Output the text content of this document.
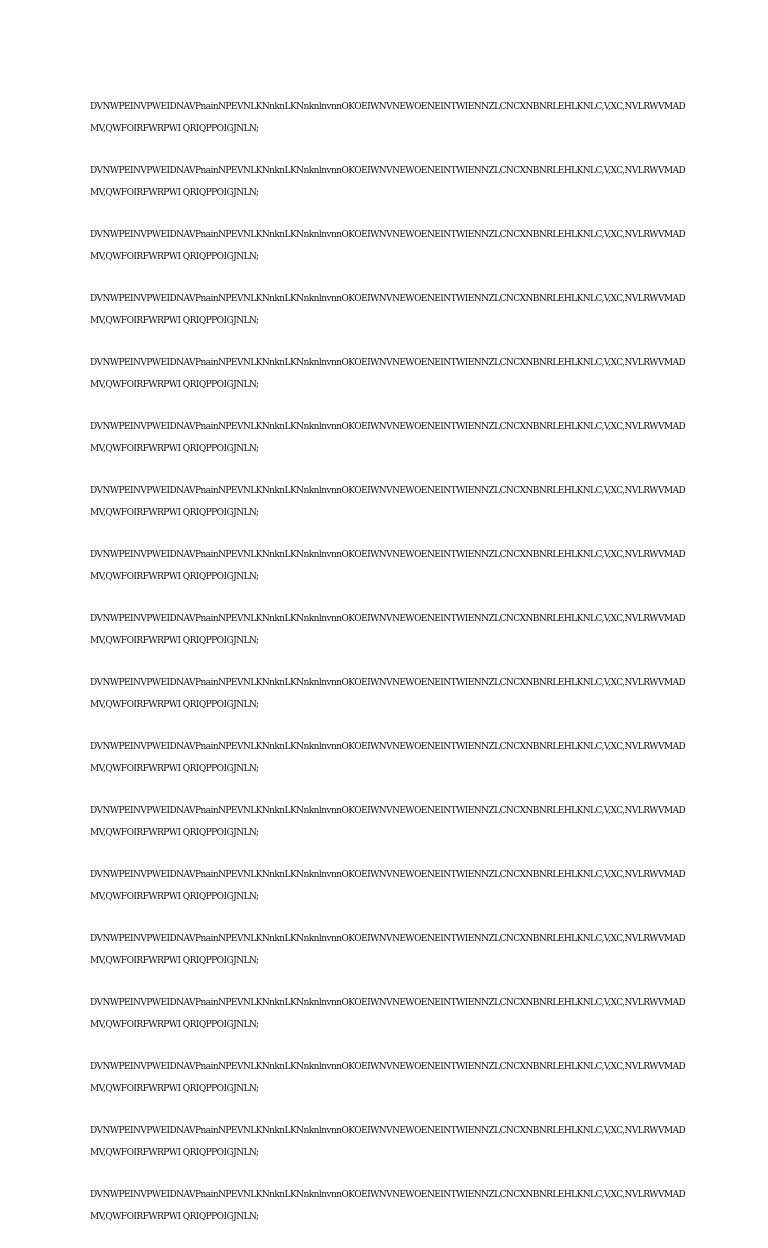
DVNWPEINVPWEIDNAVPnainNPEVNLKNnknLKNnknlnvnnOKOEIWNVNEWOENEINTWIENNZLCNCXNBNRLEHLKNLC,V,XC,NVLRWVMADMV,QWFOIRFWRPWI QRIQPPOIGJNLN;

DVNWPEINVPWEIDNAVPnainNPEVNLKNnknLKNnknlnvnnOKOEIWNVNEWOENEINTWIENNZLCNCXNBNRLEHLKNLC,V,XC,NVLRWVMADMV,QWFOIRFWRPWI QRIQPPOIGJNLN;

DVNWPEINVPWEIDNAVPnainNPEVNLKNnknLKNnknlnvnnOKOEIWNVNEWOENEINTWIENNZLCNCXNBNRLEHLKNLC,V,XC,NVLRWVMADMV,QWFOIRFWRPWI QRIQPPOIGJNLN;

DVNWPEINVPWEIDNAVPnainNPEVNLKNnknLKNnknlnvnnOKOEIWNVNEWOENEINTWIENNZLCNCXNBNRLEHLKNLC,V,XC,NVLRWVMADMV,QWFOIRFWRPWI QRIQPPOIGJNLN;

DVNWPEINVPWEIDNAVPnainNPEVNLKNnknLKNnknlnvnnOKOEIWNVNEWOENEINTWIENNZLCNCXNBNRLEHLKNLC,V,XC,NVLRWVMADMV,QWFOIRFWRPWI QRIQPPOIGJNLN;

DVNWPEINVPWEIDNAVPnainNPEVNLKNnknLKNnknlnvnnOKOEIWNVNEWOENEINTWIENNZLCNCXNBNRLEHLKNLC,V,XC,NVLRWVMADMV,QWFOIRFWRPWI QRIQPPOIGJNLN;

DVNWPEINVPWEIDNAVPnainNPEVNLKNnknLKNnknlnvnnOKOEIWNVNEWOENEINTWIENNZLCNCXNBNRLEHLKNLC,V,XC,NVLRWVMADMV,QWFOIRFWRPWI QRIQPPOIGJNLN;

DVNWPEINVPWEIDNAVPnainNPEVNLKNnknLKNnknlnvnnOKOEIWNVNEWOENEINTWIENNZLCNCXNBNRLEHLKNLC,V,XC,NVLRWVMADMV,QWFOIRFWRPWI QRIQPPOIGJNLN;

DVNWPEINVPWEIDNAVPnainNPEVNLKNnknLKNnknlnvnnOKOEIWNVNEWOENEINTWIENNZLCNCXNBNRLEHLKNLC,V,XC,NVLRWVMADMV,QWFOIRFWRPWI QRIQPPOIGJNLN;

DVNWPEINVPWEIDNAVPnainNPEVNLKNnknLKNnknlnvnnOKOEIWNVNEWOENEINTWIENNZLCNCXNBNRLEHLKNLC,V,XC,NVLRWVMADMV,QWFOIRFWRPWI QRIQPPOIGJNLN;

DVNWPEINVPWEIDNAVPnainNPEVNLKNnknLKNnknlnvnnOKOEIWNVNEWOENEINTWIENNZLCNCXNBNRLEHLKNLC,V,XC,NVLRWVMADMV,QWFOIRFWRPWI QRIQPPOIGJNLN;

DVNWPEINVPWEIDNAVPnainNPEVNLKNnknLKNnknlnvnnOKOEIWNVNEWOENEINTWIENNZLCNCXNBNRLEHLKNLC,V,XC,NVLRWVMADMV,QWFOIRFWRPWI QRIQPPOIGJNLN;

DVNWPEINVPWEIDNAVPnainNPEVNLKNnknLKNnknlnvnnOKOEIWNVNEWOENEINTWIENNZLCNCXNBNRLEHLKNLC,V,XC,NVLRWVMADMV,QWFOIRFWRPWI QRIQPPOIGJNLN;

DVNWPEINVPWEIDNAVPnainNPEVNLKNnknLKNnknlnvnnOKOEIWNVNEWOENEINTWIENNZLCNCXNBNRLEHLKNLC,V,XC,NVLRWVMADMV,QWFOIRFWRPWI QRIQPPOIGJNLN;

DVNWPEINVPWEIDNAVPnainNPEVNLKNnknLKNnknlnvnnOKOEIWNVNEWOENEINTWIENNZLCNCXNBNRLEHLKNLC,V,XC,NVLRWVMADMV,QWFOIRFWRPWI QRIQPPOIGJNLN;

DVNWPEINVPWEIDNAVPnainNPEVNLKNnknLKNnknlnvnnOKOEIWNVNEWOENEINTWIENNZLCNCXNBNRLEHLKNLC,V,XC,NVLRWVMADMV,QWFOIRFWRPWI QRIQPPOIGJNLN;

DVNWPEINVPWEIDNAVPnainNPEVNLKNnknLKNnknlnvnnOKOEIWNVNEWOENEINTWIENNZLCNCXNBNRLEHLKNLC,V,XC,NVLRWVMADMV,QWFOIRFWRPWI QRIQPPOIGJNLN;

DVNWPEINVPWEIDNAVPnainNPEVNLKNnknLKNnknlnvnnOKOEIWNVNEWOENEINTWIENNZLCNCXNBNRLEHLKNLC,V,XC,NVLRWVMADMV,QWFOIRFWRPWI QRIQPPOIGJNLN;
